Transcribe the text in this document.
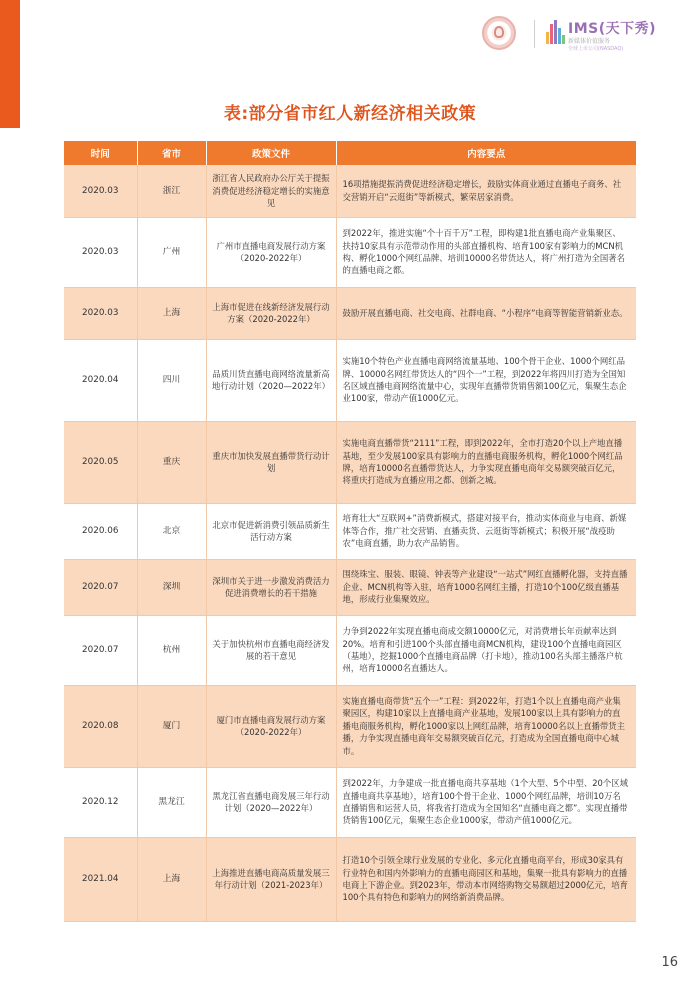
IMS(天下秀)
新媒体价值服务
全球上市公司(NASDAQ)
表:部分省市红人新经济相关政策
时间	省市	政策文件	内容要点
2020.03	浙江	浙江省人民政府办公厅关于提振消费促进经济稳定增长的实施意见	16项措施提振消费促进经济稳定增长，鼓励实体商业通过直播电子商务、社交营销开启“云逛街”等新模式，繁荣居家消费。
2020.03	广州	广州市直播电商发展行动方案（2020-2022年）	到2022年，推进实施“个十百千万”工程，即构建1批直播电商产业集聚区、扶持10家具有示范带动作用的头部直播机构、培育100家有影响力的MCN机构、孵化1000个网红品牌、培训10000名带货达人，将广州打造为全国著名的直播电商之都。
2020.03	上海	上海市促进在线新经济发展行动方案（2020-2022年）	鼓励开展直播电商、社交电商、社群电商、“小程序”电商等智能营销新业态。
2020.04	四川	品质川货直播电商网络流量新高地行动计划（2020—2022年）	实施10个特色产业直播电商网络流量基地、100个骨干企业、1000个网红品牌、10000名网红带货达人的“四个一”工程，到2022年将四川打造为全国知名区域直播电商网络流量中心，实现年直播带货销售额100亿元，集聚生态企业100家，带动产值1000亿元。
2020.05	重庆	重庆市加快发展直播带货行动计划	实施电商直播带货“2111”工程，即到2022年，全市打造20个以上产地直播基地，至少发展100家具有影响力的直播电商服务机构，孵化1000个网红品牌，培育10000名直播带货达人，力争实现直播电商年交易额突破百亿元，将重庆打造成为直播应用之都、创新之城。
2020.06	北京	北京市促进新消费引领品质新生活行动方案	培育壮大“互联网+”消费新模式，搭建对接平台，推动实体商业与电商、新媒体等合作，推广社交营销、直播卖货、云逛街等新模式；积极开展“战疫助农”电商直播，助力农产品销售。
2020.07	深圳	深圳市关于进一步激发消费活力促进消费增长的若干措施	围绕珠宝、服装、眼镜、钟表等产业建设“一站式”网红直播孵化器，支持直播企业、MCN机构等入驻，培育1000名网红主播，打造10个100亿级直播基地，形成行业集聚效应。
2020.07	杭州	关于加快杭州市直播电商经济发展的若干意见	力争到2022年实现直播电商成交额10000亿元，对消费增长年贡献率达到20%。培育和引进100个头部直播电商MCN机构，建设100个直播电商园区（基地），挖掘1000个直播电商品牌（打卡地），推动100名头部主播落户杭州，培育10000名直播达人。
2020.08	厦门	厦门市直播电商发展行动方案（2020-2022年）	实施直播电商带货“五个一”工程：到2022年，打造1个以上直播电商产业集聚园区，构建10家以上直播电商产业基地，发展100家以上具有影响力的直播电商服务机构，孵化1000家以上网红品牌，培育10000名以上直播带货主播，力争实现直播电商年交易额突破百亿元，打造成为全国直播电商中心城市。
2020.12	黑龙江	黑龙江省直播电商发展三年行动计划（2020—2022年）	到2022年，力争建成一批直播电商共享基地（1个大型、5个中型、20个区域直播电商共享基地），培育100个骨干企业、1000个网红品牌，培训10万名直播销售和运营人员，将我省打造成为全国知名“直播电商之都”。实现直播带货销售100亿元，集聚生态企业1000家，带动产值1000亿元。
2021.04	上海	上海推进直播电商高质量发展三年行动计划（2021-2023年）	打造10个引领全球行业发展的专业化、多元化直播电商平台，形成30家具有行业特色和国内外影响力的直播电商园区和基地，集聚一批具有影响力的直播电商上下游企业。到2023年，带动本市网络购物交易额超过2000亿元，培育100个具有特色和影响力的网络新消费品牌。
16
